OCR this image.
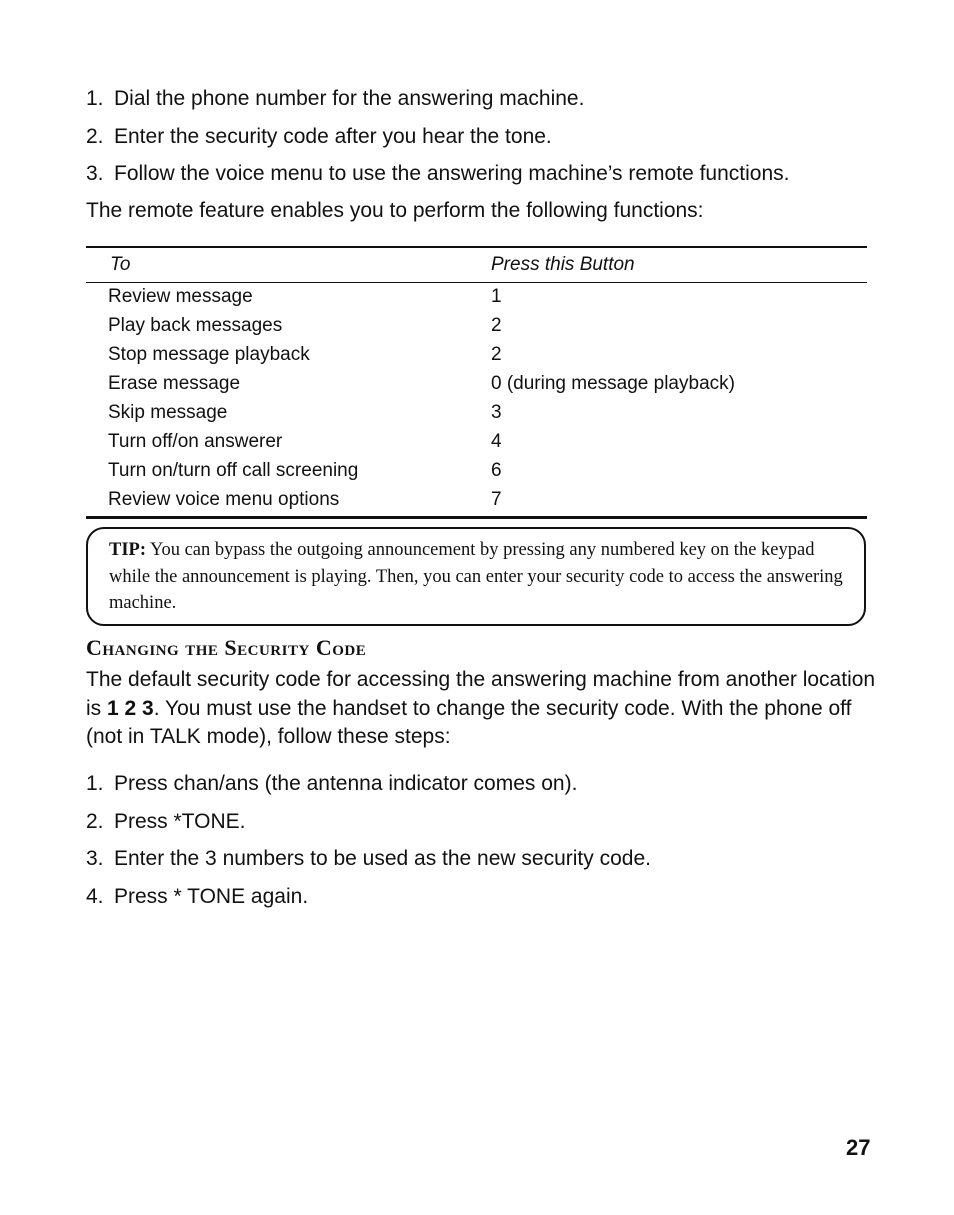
1. Dial the phone number for the answering machine.
2. Enter the security code after you hear the tone.
3. Follow the voice menu to use the answering machine’s remote functions.

The remote feature enables you to perform the following functions:

To	Press this Button
Review message	1
Play back messages	2
Stop message playback	2
Erase message	0 (during message playback)
Skip message	3
Turn off/on answerer	4
Turn on/turn off call screening	6
Review voice menu options	7
TIP: You can bypass the outgoing announcement by pressing any numbered key on the keypad while the announcement is playing. Then, you can enter your security code to access the answering machine.
Changing the Security Code

The default security code for accessing the answering machine from another location is 1 2 3. You must use the handset to change the security code. With the phone off (not in TALK mode), follow these steps:

1. Press chan/ans (the antenna indicator comes on).
2. Press *TONE.
3. Enter the 3 numbers to be used as the new security code.
4. Press * TONE again.
27
